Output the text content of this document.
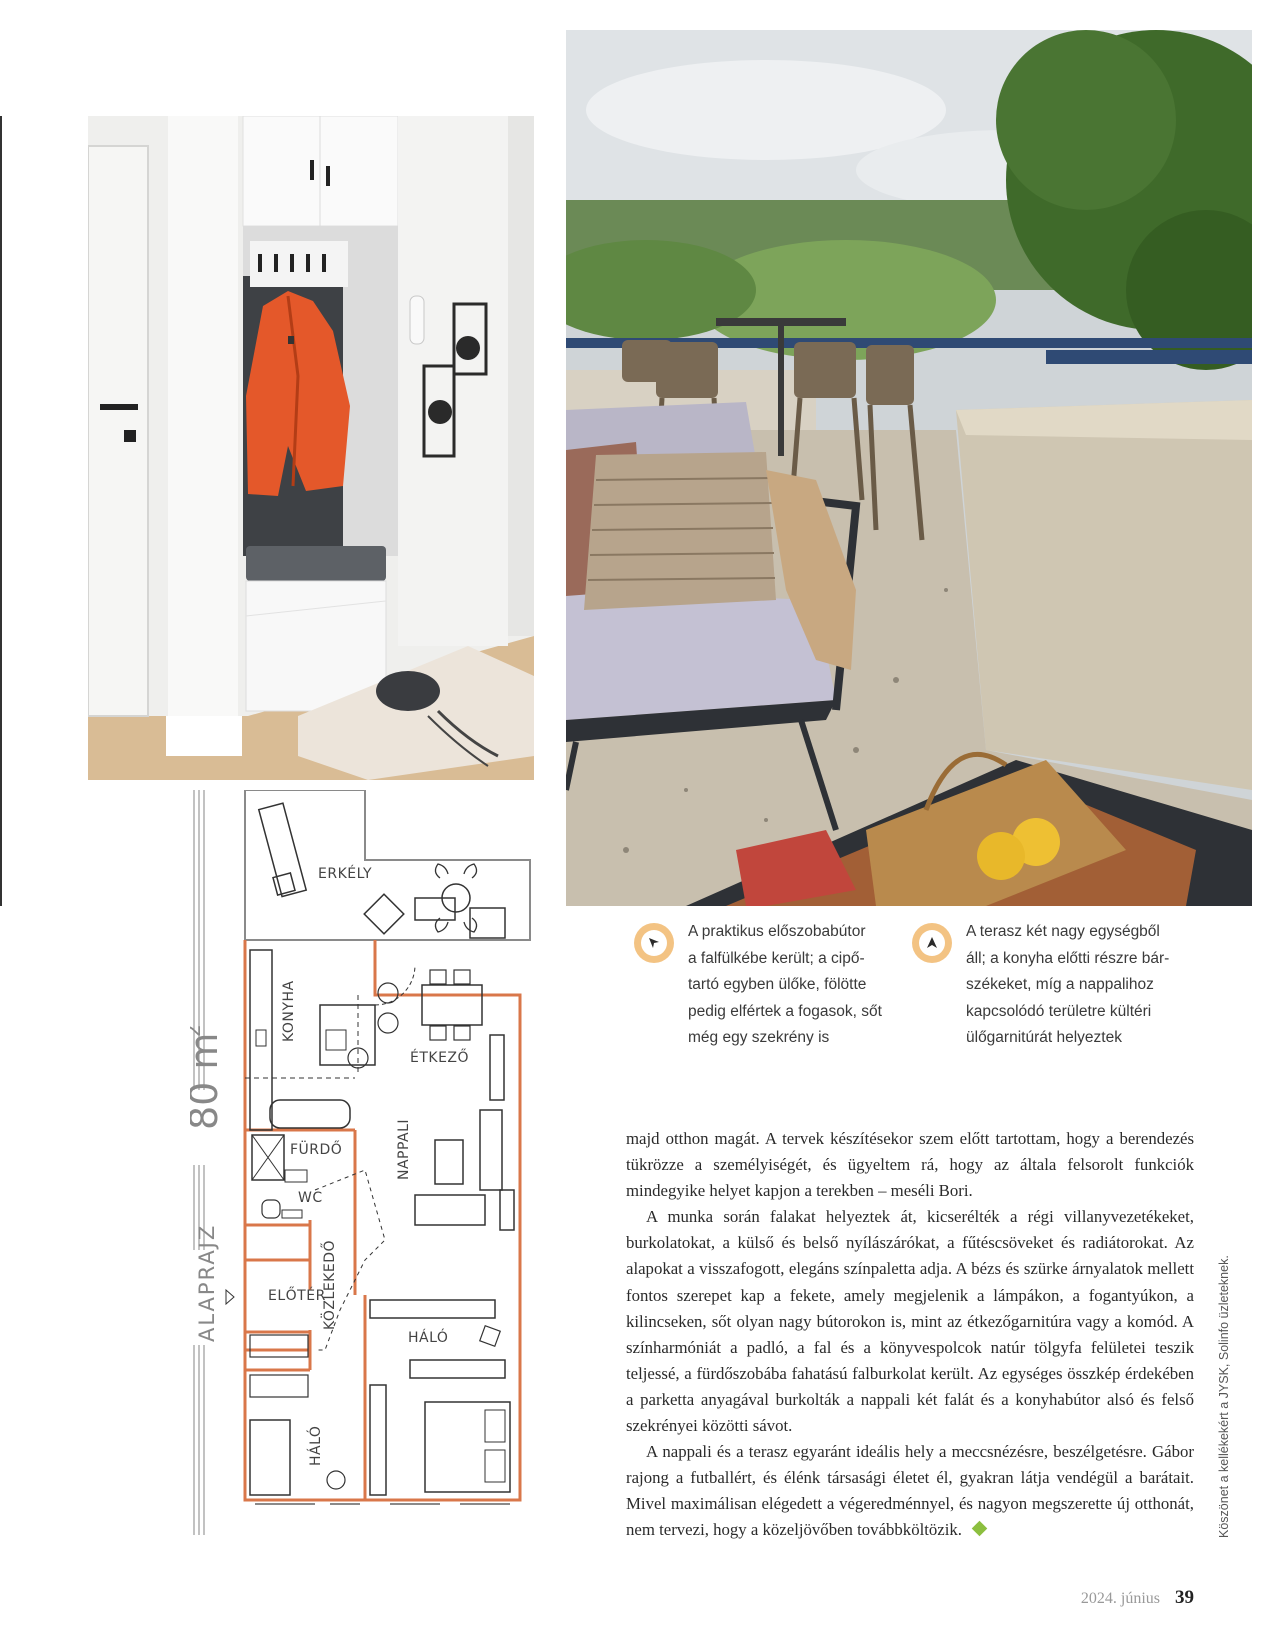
80
ALAPRAJZ
ERKÉLY
KONYHA
ÉTKEZŐ
FÜRDŐ	NAPPALI
WC
ELŐTÉR
KÖZLEKEDŐ
HÁLÓ
HÁLÓ
A praktikus előszobabútor
a falfülkébe került; a cipő-
tartó egyben ülőke, fölötte
pedig elfértek a fogasok, sőt
még egy szekrény is
A terasz két nagy egységből
áll; a konyha előtti részre bár-
székeket, míg a nappalihoz
kapcsolódó területre kültéri
ülőgarnitúrát helyeztek

majd otthon magát. A tervek készítésekor szem előtt tartottam, hogy a berendezés tükrözze a személyiségét, és ügyeltem rá, hogy az általa felsorolt funkciók mindegyike helyet kapjon a terekben – meséli Bori.

A munka során falakat helyeztek át, kicserélték a régi villanyvezetékeket, burkolatokat, a külső és belső nyílászárókat, a fűtéscsöveket és radiátorokat. Az alapokat a visszafogott, elegáns színpaletta adja. A bézs és szürke árnyalatok mellett fontos szerepet kap a fekete, amely megjelenik a lámpákon, a fogantyúkon, a kilincseken, sőt olyan nagy bútorokon is, mint az étkezőgarnitúra vagy a komód. A színharmóniát a padló, a fal és a könyvespolcok natúr tölgyfa felületei teszik teljessé, a fürdőszobába fahatású falburkolat került. Az egységes összkép érdekében a parketta anyagával burkolták a nappali két falát és a konyhabútor alsó és felső szekrényei közötti sávot.

A nappali és a terasz egyaránt ideális hely a meccsnézésre, beszélgetésre. Gábor rajong a futballért, és élénk társasági életet él, gyakran látja vendégül a barátait. Mivel maximálisan elégedett a végeredménnyel, és nagyon megszerette új otthonát, nem tervezi, hogy a közeljövőben továbbköltözik.	Köszönet a kellékekért a JYSK, Solinfo üzleteknek.
2024. június 39
